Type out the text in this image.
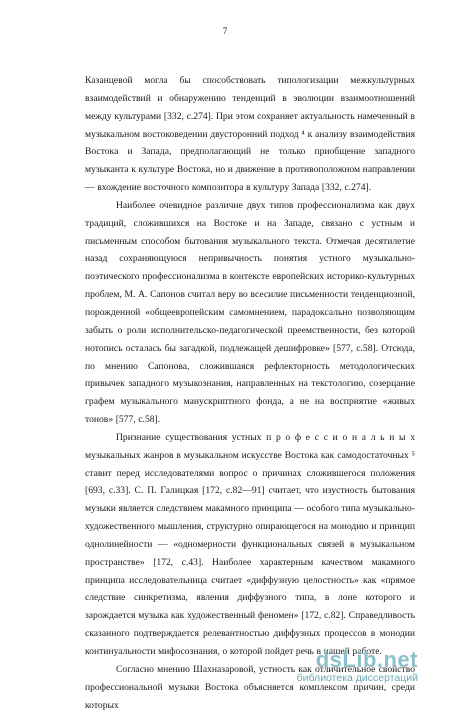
7

Казанцевой могла бы способствовать типологизации межкультурных взаимодействий и обнаружению тенденций в эволюции взаимоотношений между культурами [332, с.274]. При этом сохраняет актуальность намеченный в музыкальном востоковедении двусторонний подход ⁴ к анализу взаимодействия Востока и Запада, предполагающий не только приобщение западного музыканта к культуре Востока, но и движение в противоположном направлении — вхождение восточного композитора в культуру Запада [332, с.274].

Наиболее очевидное различие двух типов профессионализма как двух традиций, сложившихся на Востоке и на Западе, связано с устным и письменным способом бытования музыкального текста. Отмечая десятилетие назад сохраняющуюся непривычность понятия устного музыкально-поэтического профессионализма в контексте европейских историко-культурных проблем, М. А. Сапонов считал веру во всесилие письменности тенденциозной, порожденной «общеевропейским самомнением, парадоксально позволяющим забыть о роли исполнительско-педагогической преемственности, без которой нотопись осталась бы загадкой, подлежащей дешифровке» [577, с.58]. Отсюда, по мнению Сапонова, сложившаяся рефлекторность методологических привычек западного музыкознания, направленных на текстологию, созерцание графем музыкального манускриптного фонда, а не на восприятие «живых тонов» [577, с.58].

Признание существования устных п р о ф е с с и о н а л ь н ы х музыкальных жанров в музыкальном искусстве Востока как самодостаточных ⁵ ставит перед исследователями вопрос о причинах сложившегося положения [693, с.33]. С. П. Галицкая [172, с.82—91] считает, что изустность бытования музыки является следствием макамного принципа — особого типа музыкально-художественного мышления, структурно опирающегося на монодию и принцип однолинейности — «одномерности функциональных связей в музыкальном пространстве» [172, с.43]. Наиболее характерным качеством макамного принципа исследовательница считает «диффузную целостность» как «прямое следствие синкретизма, явления диффузного типа, в лоне которого и зарождается музыка как художественный феномен» [172, с.82]. Справедливость сказанного подтверждается релевантностью диффузных процессов в монодии континуальности мифосознания, о которой пойдет речь в нашей работе.

Согласно мнению Шахназаровой, устность как отличительное свойство профессиональной музыки Востока объясняется комплексом причин, среди которых

dsLib.net
библиотека диссертаций
